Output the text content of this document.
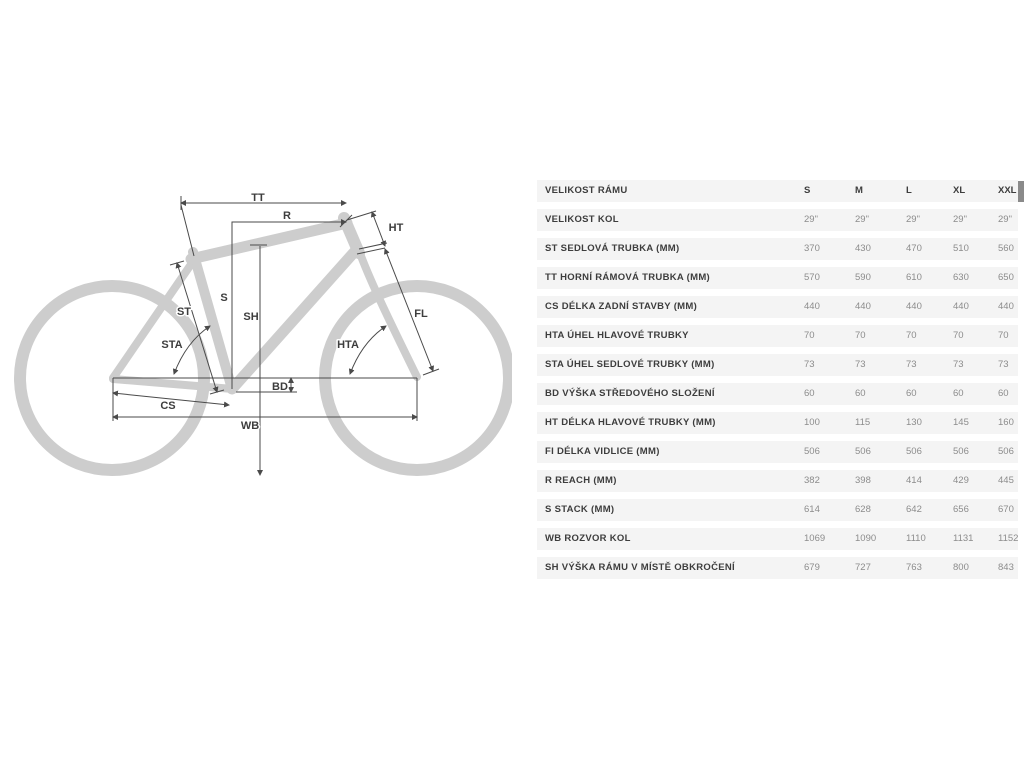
TT
R
HT
S
SH
ST
STA	HTA
FL
BD
CS
WB
VELIKOST RÁMU	S	M	L	XL	XXL
VELIKOST KOL	29"	29"	29"	29"	29"
ST SEDLOVÁ TRUBKA (MM)	370	430	470	510	560
TT HORNÍ RÁMOVÁ TRUBKA (MM)	570	590	610	630	650
CS DÉLKA ZADNÍ STAVBY (MM)	440	440	440	440	440
HTA ÚHEL HLAVOVÉ TRUBKY	70	70	70	70	70
STA ÚHEL SEDLOVÉ TRUBKY (MM)	73	73	73	73	73
BD VÝŠKA STŘEDOVÉHO SLOŽENÍ	60	60	60	60	60
HT DÉLKA HLAVOVÉ TRUBKY (MM)	100	115	130	145	160
FI DÉLKA VIDLICE (MM)	506	506	506	506	506
R REACH (MM)	382	398	414	429	445
S STACK (MM)	614	628	642	656	670
WB ROZVOR KOL	1069	1090	1110	1131	1152
SH VÝŠKA RÁMU V MÍSTĚ OBKROČENÍ	679	727	763	800	843
